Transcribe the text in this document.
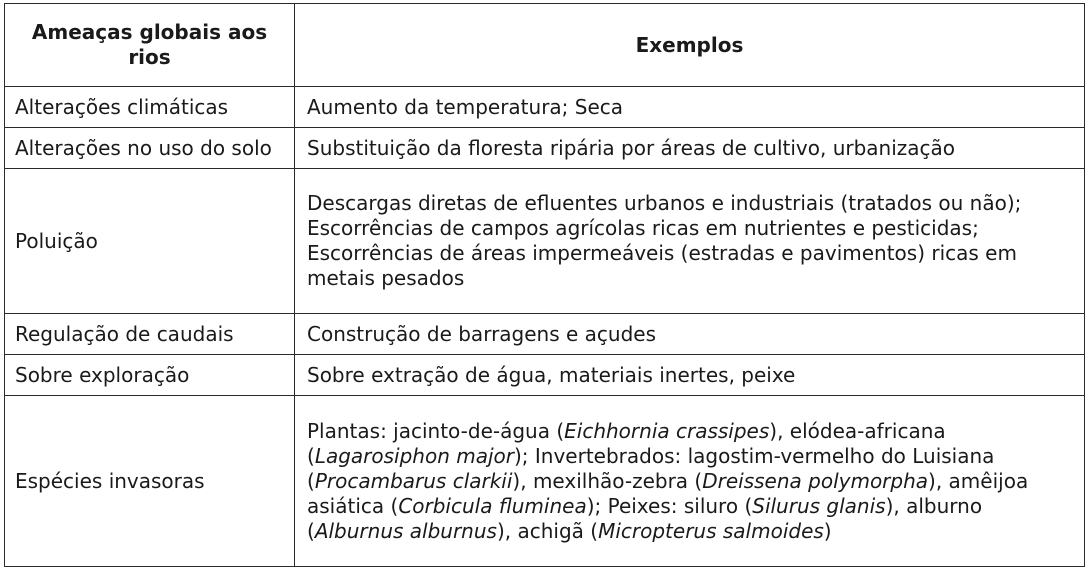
Ameaças globais aos rios	Exemplos
Alterações climáticas	Aumento da temperatura; Seca
Alterações no uso do solo	Substituição da floresta ripária por áreas de cultivo, urbanização
Poluição	Descargas diretas de efluentes urbanos e industriais (tratados ou não);
Escorrências de campos agrícolas ricas em nutrientes e pesticidas;
Escorrências de áreas impermeáveis (estradas e pavimentos) ricas em metais pesados

Regulação de caudais	Construção de barragens e açudes
Sobre exploração	Sobre extração de água, materiais inertes, peixe
Espécies invasoras	Plantas: jacinto-de-água (Eichhornia crassipes), elódea-africana (Lagarosiphon major); Invertebrados: lagostim-vermelho do Luisiana (Procambarus clarkii), mexilhão-zebra (Dreissena polymorpha), amêijoa asiática (Corbicula fluminea); Peixes: siluro (Silurus glanis), alburno (Alburnus alburnus), achigã (Micropterus salmoides)
